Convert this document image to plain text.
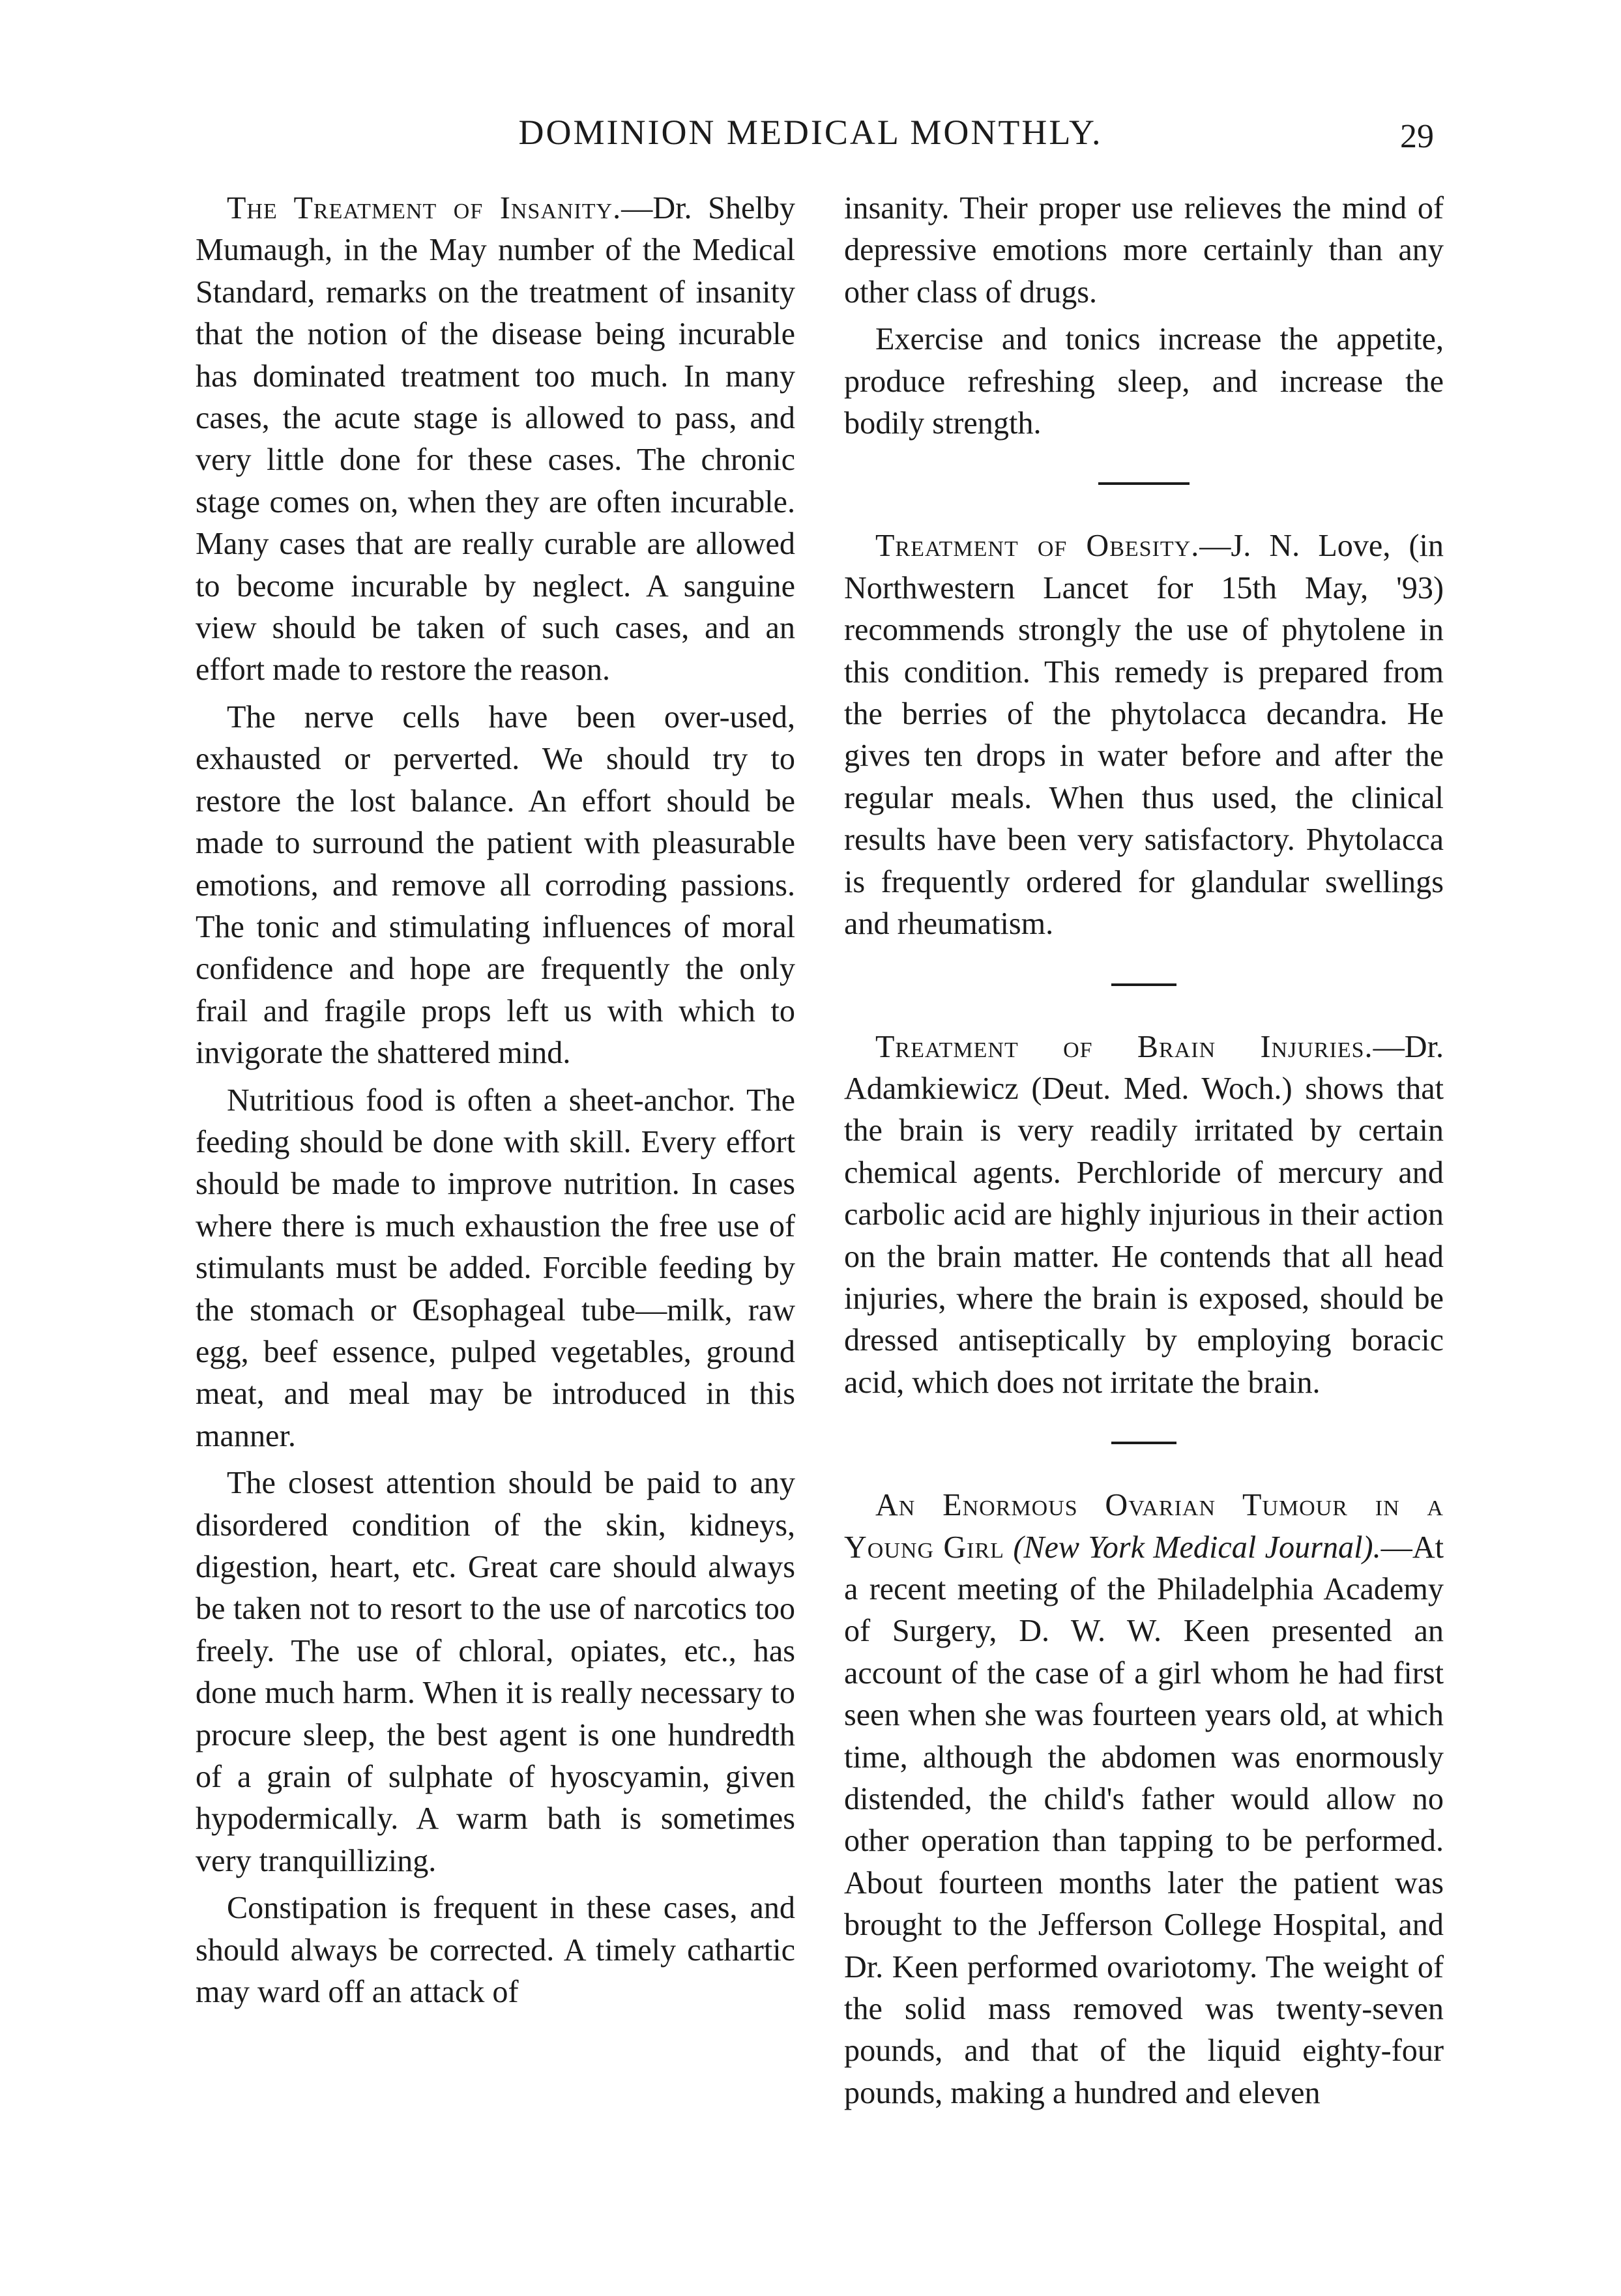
DOMINION MEDICAL MONTHLY.	29

The Treatment of Insanity.—Dr. Shelby Mumaugh, in the May number of the Medical Standard, remarks on the treatment of insanity that the notion of the disease being incurable has dominated treatment too much. In many cases, the acute stage is allowed to pass, and very little done for these cases. The chronic stage comes on, when they are often incurable. Many cases that are really curable are allowed to become incurable by neglect. A sanguine view should be taken of such cases, and an effort made to restore the reason.

The nerve cells have been over-used, exhausted or perverted. We should try to restore the lost balance. An effort should be made to surround the patient with pleasurable emotions, and remove all corroding passions. The tonic and stimulating influences of moral confidence and hope are frequently the only frail and fragile props left us with which to invigorate the shattered mind.

Nutritious food is often a sheet-anchor. The feeding should be done with skill. Every effort should be made to improve nutrition. In cases where there is much exhaustion the free use of stimulants must be added. Forcible feeding by the stomach or Œsophageal tube—milk, raw egg, beef essence, pulped vegetables, ground meat, and meal may be introduced in this manner.

The closest attention should be paid to any disordered condition of the skin, kidneys, digestion, heart, etc. Great care should always be taken not to resort to the use of narcotics too freely. The use of chloral, opiates, etc., has done much harm. When it is really necessary to procure sleep, the best agent is one hundredth of a grain of sulphate of hyoscyamin, given hypodermically. A warm bath is sometimes very tranquillizing.

Constipation is frequent in these cases, and should always be corrected. A timely cathartic may ward off an attack of

insanity. Their proper use relieves the mind of depressive emotions more certainly than any other class of drugs.

Exercise and tonics increase the appetite, produce refreshing sleep, and increase the bodily strength.

Treatment of Obesity.—J. N. Love, (in Northwestern Lancet for 15th May, '93) recommends strongly the use of phytolene in this condition. This remedy is prepared from the berries of the phytolacca decandra. He gives ten drops in water before and after the regular meals. When thus used, the clinical results have been very satisfactory. Phytolacca is frequently ordered for glandular swellings and rheumatism.

Treatment of Brain Injuries.—Dr. Adamkiewicz (Deut. Med. Woch.) shows that the brain is very readily irritated by certain chemical agents. Perchloride of mercury and carbolic acid are highly injurious in their action on the brain matter. He contends that all head injuries, where the brain is exposed, should be dressed antiseptically by employing boracic acid, which does not irritate the brain.

An Enormous Ovarian Tumour in a Young Girl (New York Medical Journal).—At a recent meeting of the Philadelphia Academy of Surgery, D. W. W. Keen presented an account of the case of a girl whom he had first seen when she was fourteen years old, at which time, although the abdomen was enormously distended, the child's father would allow no other operation than tapping to be performed. About fourteen months later the patient was brought to the Jefferson College Hospital, and Dr. Keen performed ovariotomy. The weight of the solid mass removed was twenty-seven pounds, and that of the liquid eighty-four pounds, making a hundred and eleven
